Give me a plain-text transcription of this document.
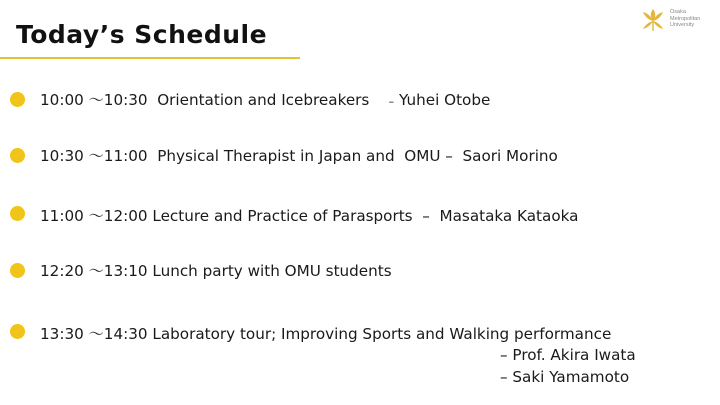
Today’s Schedule
Osaka
Metropolitan
University
10:00 〜10:30 Orientation and Icebreakers – Yuhei Otobe
10:30 〜11:00 Physical Therapist in Japan and  OMU – Saori Morino
11:00 〜12:00 Lecture and Practice of Parasports – Masataka Kataoka
12:20 〜13:10 Lunch party with OMU students
13:30 〜14:30 Laboratory tour; Improving Sports and Walking performance
– Prof. Akira Iwata
– Saki Yamamoto
